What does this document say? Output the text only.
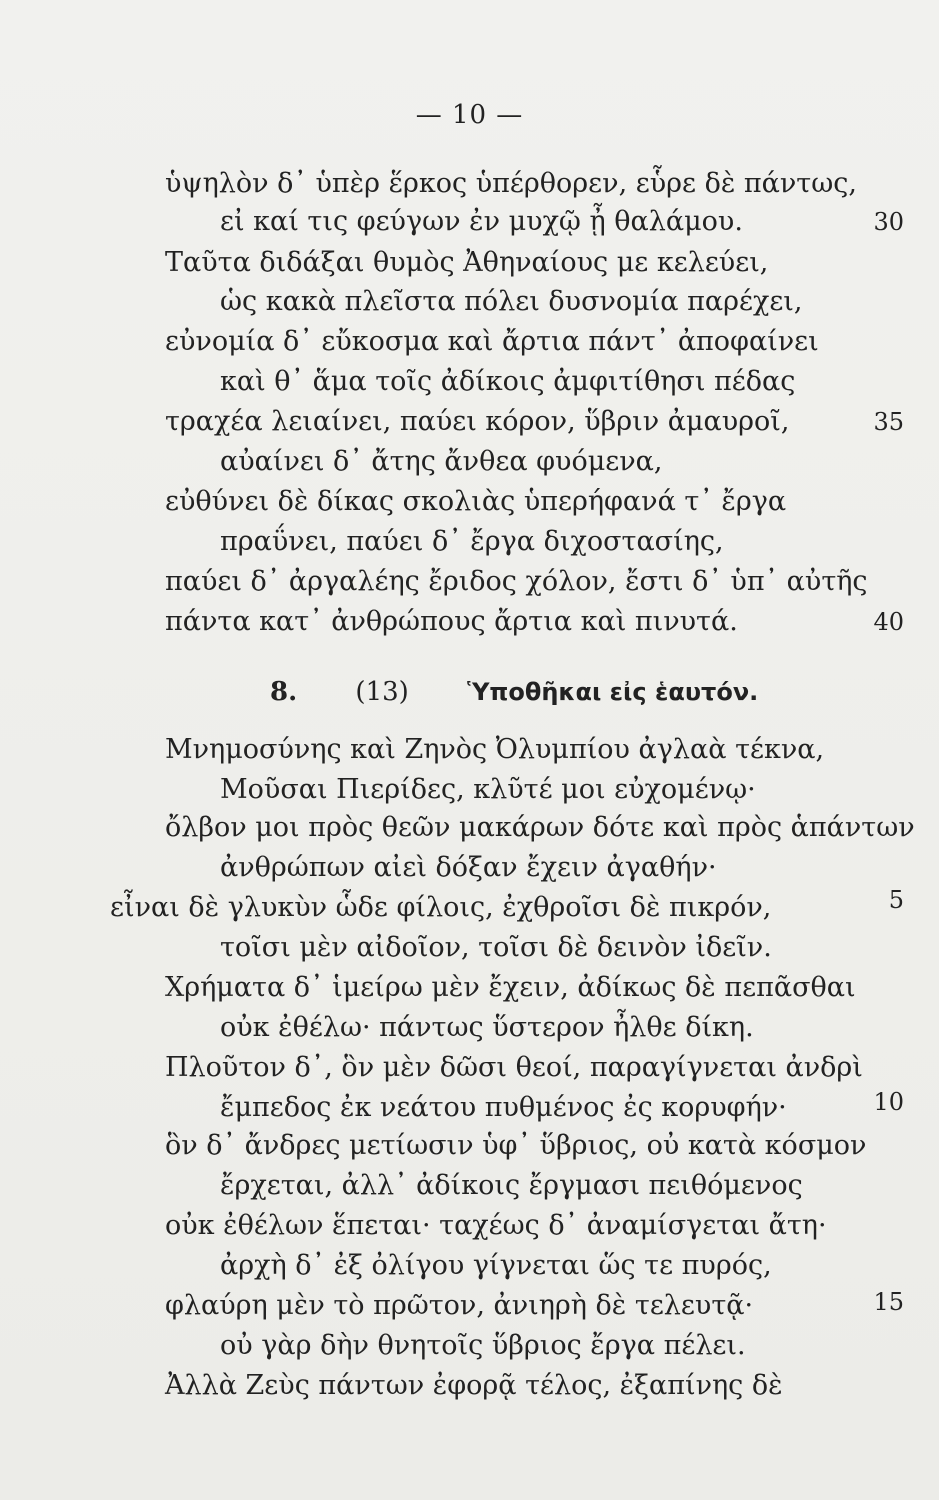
— 10 —
ὑψηλὸν δ᾽ ὑπὲρ ἕρκος ὑπέρθορεν, εὗρε δὲ πάντως,
εἰ καί τις φεύγων ἐν μυχῷ ᾖ θαλάμου.	30
Ταῦτα διδάξαι θυμὸς Ἀθηναίους με κελεύει,
ὡς κακὰ πλεῖστα πόλει δυσνομία παρέχει,
εὐνομία δ᾽ εὔκοσμα καὶ ἄρτια πάντ᾽ ἀποφαίνει
καὶ θ᾽ ἅμα τοῖς ἀδίκοις ἀμφιτίθησι πέδας
τραχέα λειαίνει, παύει κόρον, ὕβριν ἀμαυροῖ,	35
αὐαίνει δ᾽ ἄτης ἄνθεα φυόμενα,
εὐθύνει δὲ δίκας σκολιὰς ὑπερήφανά τ᾽ ἔργα
πραΰνει, παύει δ᾽ ἔργα διχοστασίης,
παύει δ᾽ ἀργαλέης ἔριδος χόλον, ἔστι δ᾽ ὑπ᾽ αὐτῆς
πάντα κατ᾽ ἀνθρώπους ἄρτια καὶ πινυτά.	40
8. (13) Ὑποθῆκαι εἰς ἑαυτόν.
Μνημοσύνης καὶ Ζηνὸς Ὀλυμπίου ἀγλαὰ τέκνα,
Μοῦσαι Πιερίδες, κλῦτέ μοι εὐχομένῳ·
ὄλβον μοι πρὸς θεῶν μακάρων δότε καὶ πρὸς ἁπάντων
ἀνθρώπων αἰεὶ δόξαν ἔχειν ἀγαθήν·
εἶναι δὲ γλυκὺν ὧδε φίλοις, ἐχθροῖσι δὲ πικρόν,	5
τοῖσι μὲν αἰδοῖον, τοῖσι δὲ δεινὸν ἰδεῖν.
Χρήματα δ᾽ ἱμείρω μὲν ἔχειν, ἀδίκως δὲ πεπᾶσθαι
οὐκ ἐθέλω· πάντως ὕστερον ἦλθε δίκη.
Πλοῦτον δ᾽, ὃν μὲν δῶσι θεοί, παραγίγνεται ἀνδρὶ
ἔμπεδος ἐκ νεάτου πυθμένος ἐς κορυφήν·	10
ὃν δ᾽ ἄνδρες μετίωσιν ὑφ᾽ ὕβριος, οὐ κατὰ κόσμον
ἔρχεται, ἀλλ᾽ ἀδίκοις ἔργμασι πειθόμενος
οὐκ ἐθέλων ἕπεται· ταχέως δ᾽ ἀναμίσγεται ἄτη·
ἀρχὴ δ᾽ ἐξ ὀλίγου γίγνεται ὥς τε πυρός,
φλαύρη μὲν τὸ πρῶτον, ἀνιηρὴ δὲ τελευτᾷ·	15
οὐ γὰρ δὴν θνητοῖς ὕβριος ἔργα πέλει.
Ἀλλὰ Ζεὺς πάντων ἐφορᾷ τέλος, ἐξαπίνης δὲ
